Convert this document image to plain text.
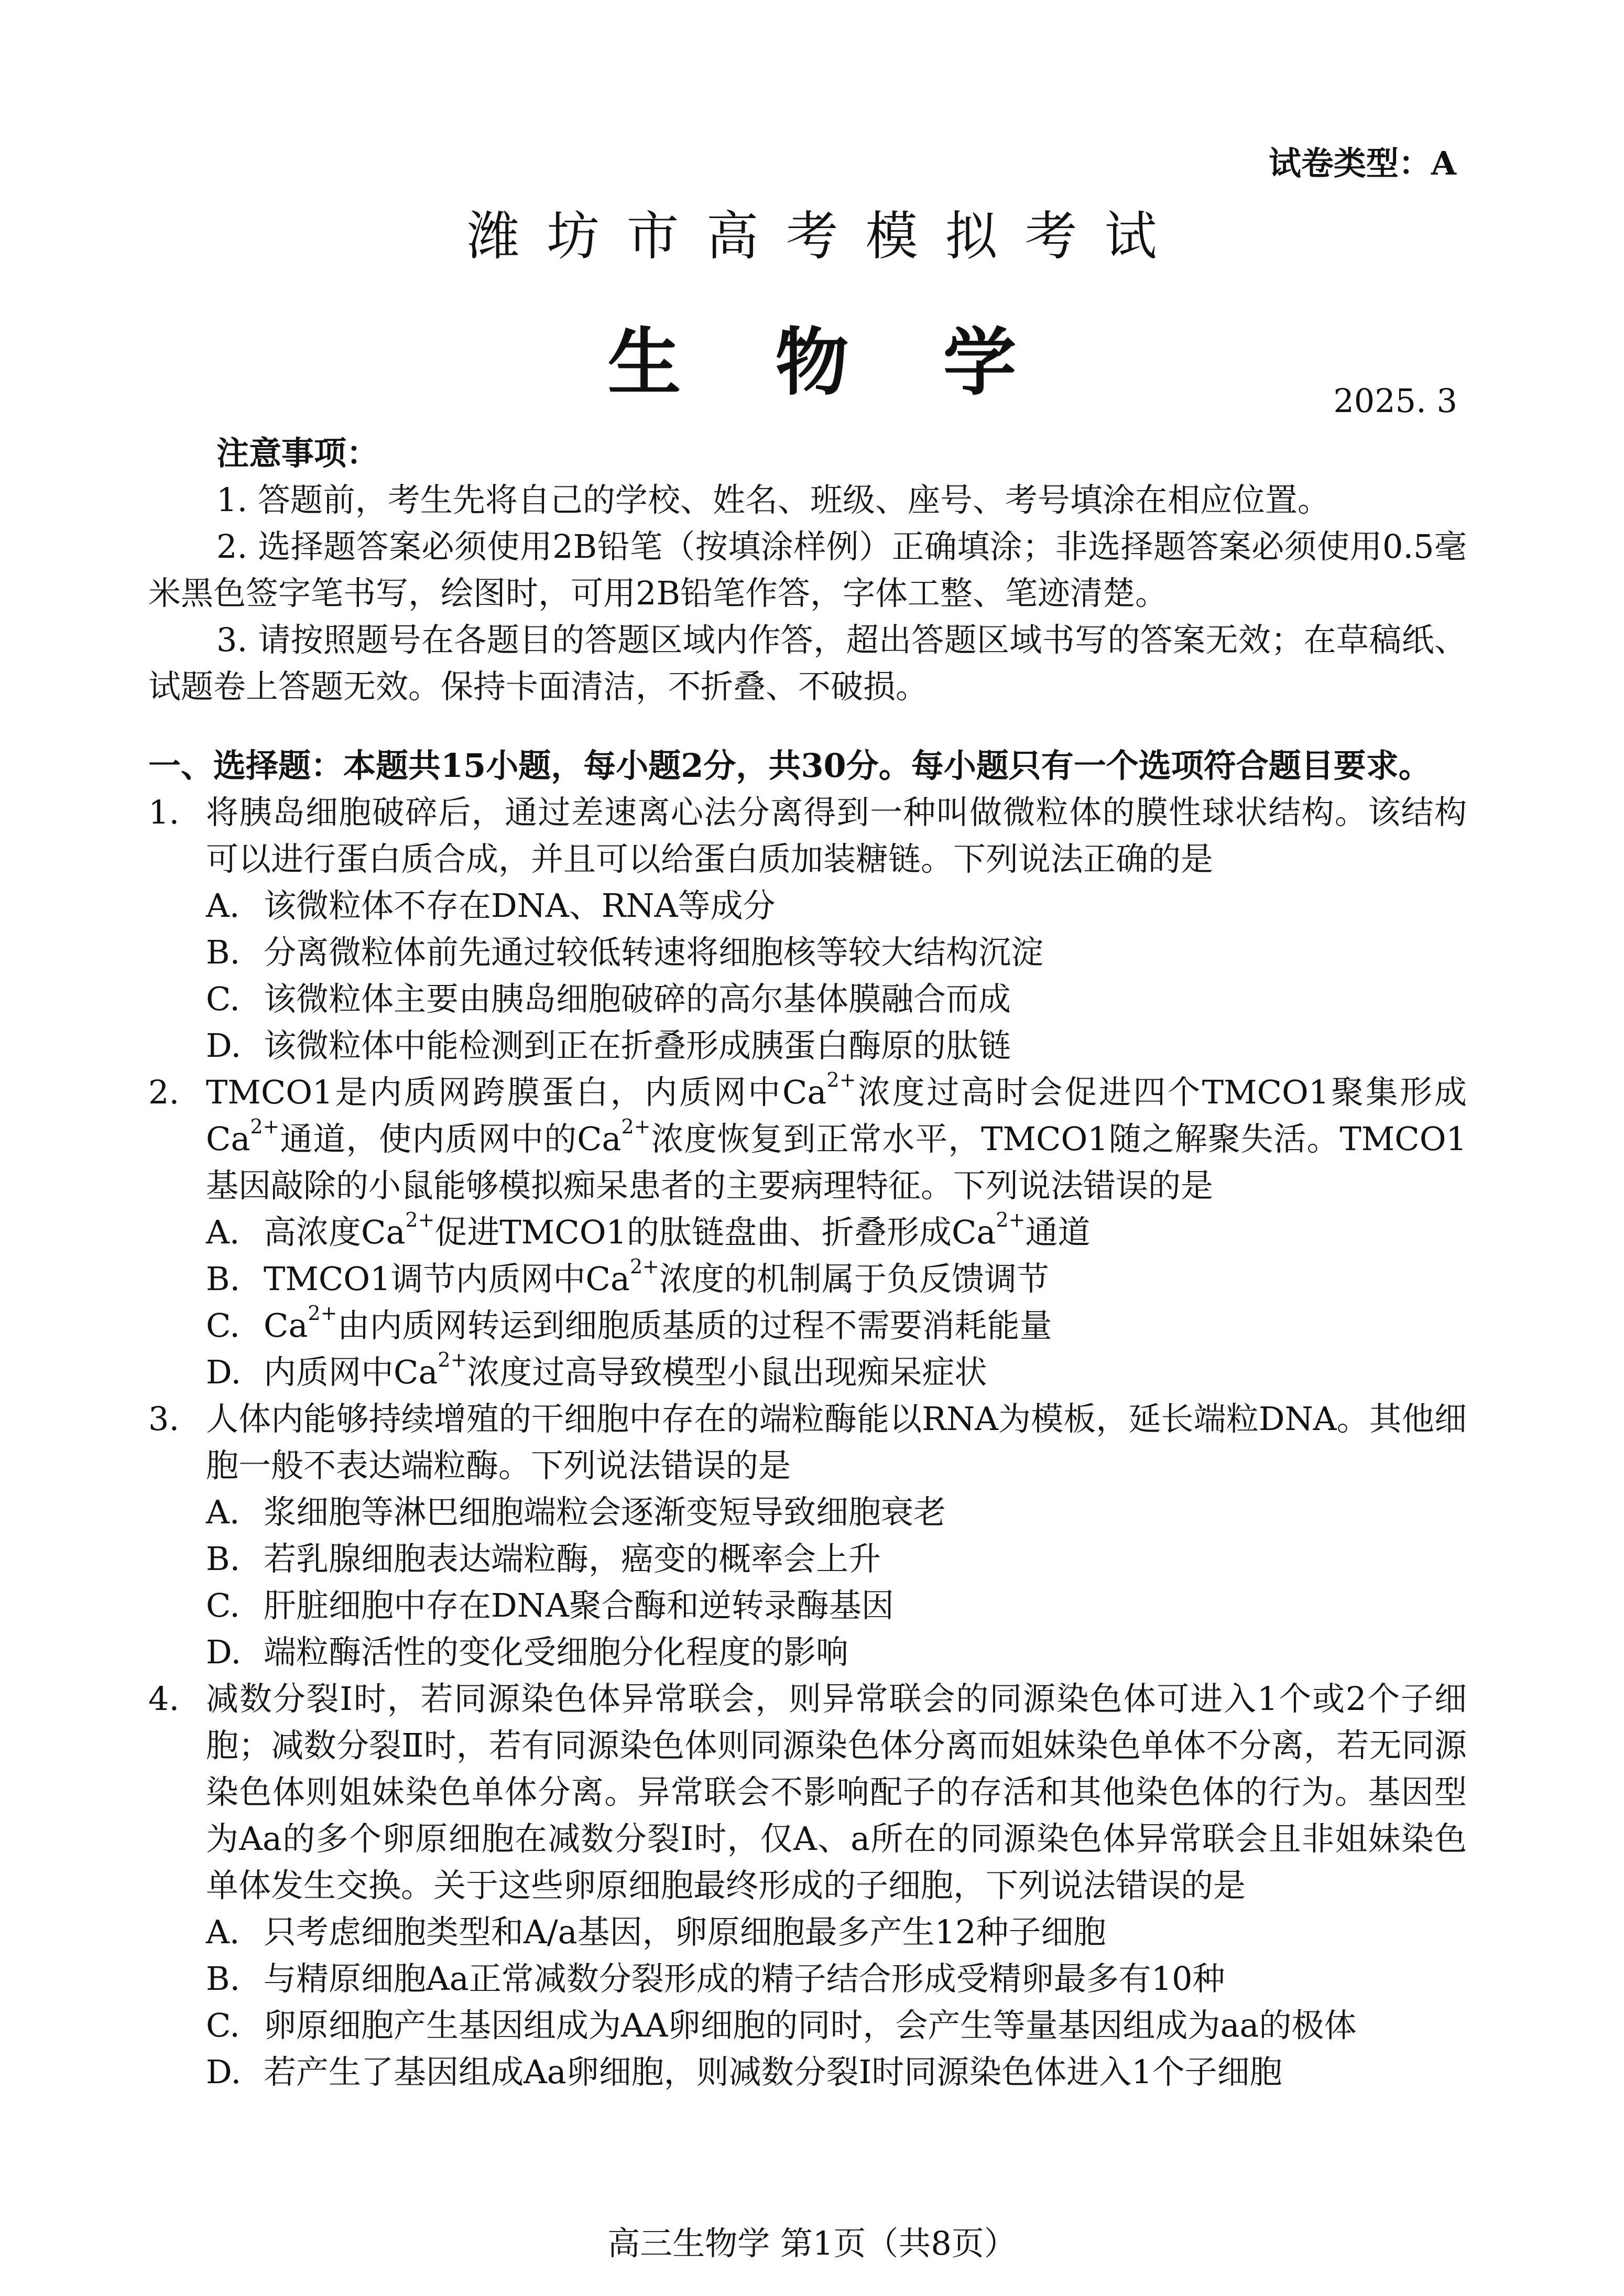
试卷类型：A
潍坊市高考模拟考试
生物学	2025. 3

注意事项：

1. 答题前，考生先将自己的学校、姓名、班级、座号、考号填涂在相应位置。

2. 选择题答案必须使用2B铅笔（按填涂样例）正确填涂；非选择题答案必须使用0.5毫米黑色签字笔书写，绘图时，可用2B铅笔作答，字体工整、笔迹清楚。

3. 请按照题号在各题目的答题区域内作答，超出答题区域书写的答案无效；在草稿纸、试题卷上答题无效。保持卡面清洁，不折叠、不破损。

一、选择题：本题共15小题，每小题2分，共30分。每小题只有一个选项符合题目要求。

1. 将胰岛细胞破碎后，通过差速离心法分离得到一种叫做微粒体的膜性球状结构。该结构可以进行蛋白质合成，并且可以给蛋白质加装糖链。下列说法正确的是
A. 该微粒体不存在DNA、RNA等成分
B. 分离微粒体前先通过较低转速将细胞核等较大结构沉淀
C. 该微粒体主要由胰岛细胞破碎的高尔基体膜融合而成
D. 该微粒体中能检测到正在折叠形成胰蛋白酶原的肽链
2. TMCO1是内质网跨膜蛋白，内质网中$Ca^{2+}$浓度过高时会促进四个TMCO1聚集形成$Ca^{2+}$通道，使内质网中的$Ca^{2+}$浓度恢复到正常水平，TMCO1随之解聚失活。TMCO1基因敲除的小鼠能够模拟痴呆患者的主要病理特征。下列说法错误的是
A. 高浓度$Ca^{2+}$促进TMCO1的肽链盘曲、折叠形成$Ca^{2+}$通道
B. TMCO1调节内质网中$Ca^{2+}$浓度的机制属于负反馈调节
C. $Ca^{2+}$由内质网转运到细胞质基质的过程不需要消耗能量
D. 内质网中$Ca^{2+}$浓度过高导致模型小鼠出现痴呆症状
3. 人体内能够持续增殖的干细胞中存在的端粒酶能以RNA为模板，延长端粒DNA。其他细胞一般不表达端粒酶。下列说法错误的是
A. 浆细胞等淋巴细胞端粒会逐渐变短导致细胞衰老
B. 若乳腺细胞表达端粒酶，癌变的概率会上升
C. 肝脏细胞中存在DNA聚合酶和逆转录酶基因
D. 端粒酶活性的变化受细胞分化程度的影响
4. 减数分裂Ⅰ时，若同源染色体异常联会，则异常联会的同源染色体可进入1个或2个子细胞；减数分裂Ⅱ时，若有同源染色体则同源染色体分离而姐妹染色单体不分离，若无同源染色体则姐妹染色单体分离。异常联会不影响配子的存活和其他染色体的行为。基因型为Aa的多个卵原细胞在减数分裂Ⅰ时，仅A、a所在的同源染色体异常联会且非姐妹染色单体发生交换。关于这些卵原细胞最终形成的子细胞，下列说法错误的是
A. 只考虑细胞类型和A/a基因，卵原细胞最多产生12种子细胞
B. 与精原细胞Aa正常减数分裂形成的精子结合形成受精卵最多有10种
C. 卵原细胞产生基因组成为AA卵细胞的同时，会产生等量基因组成为aa的极体
D. 若产生了基因组成Aa卵细胞，则减数分裂Ⅰ时同源染色体进入1个子细胞
高三生物学 第1页（共8页）
